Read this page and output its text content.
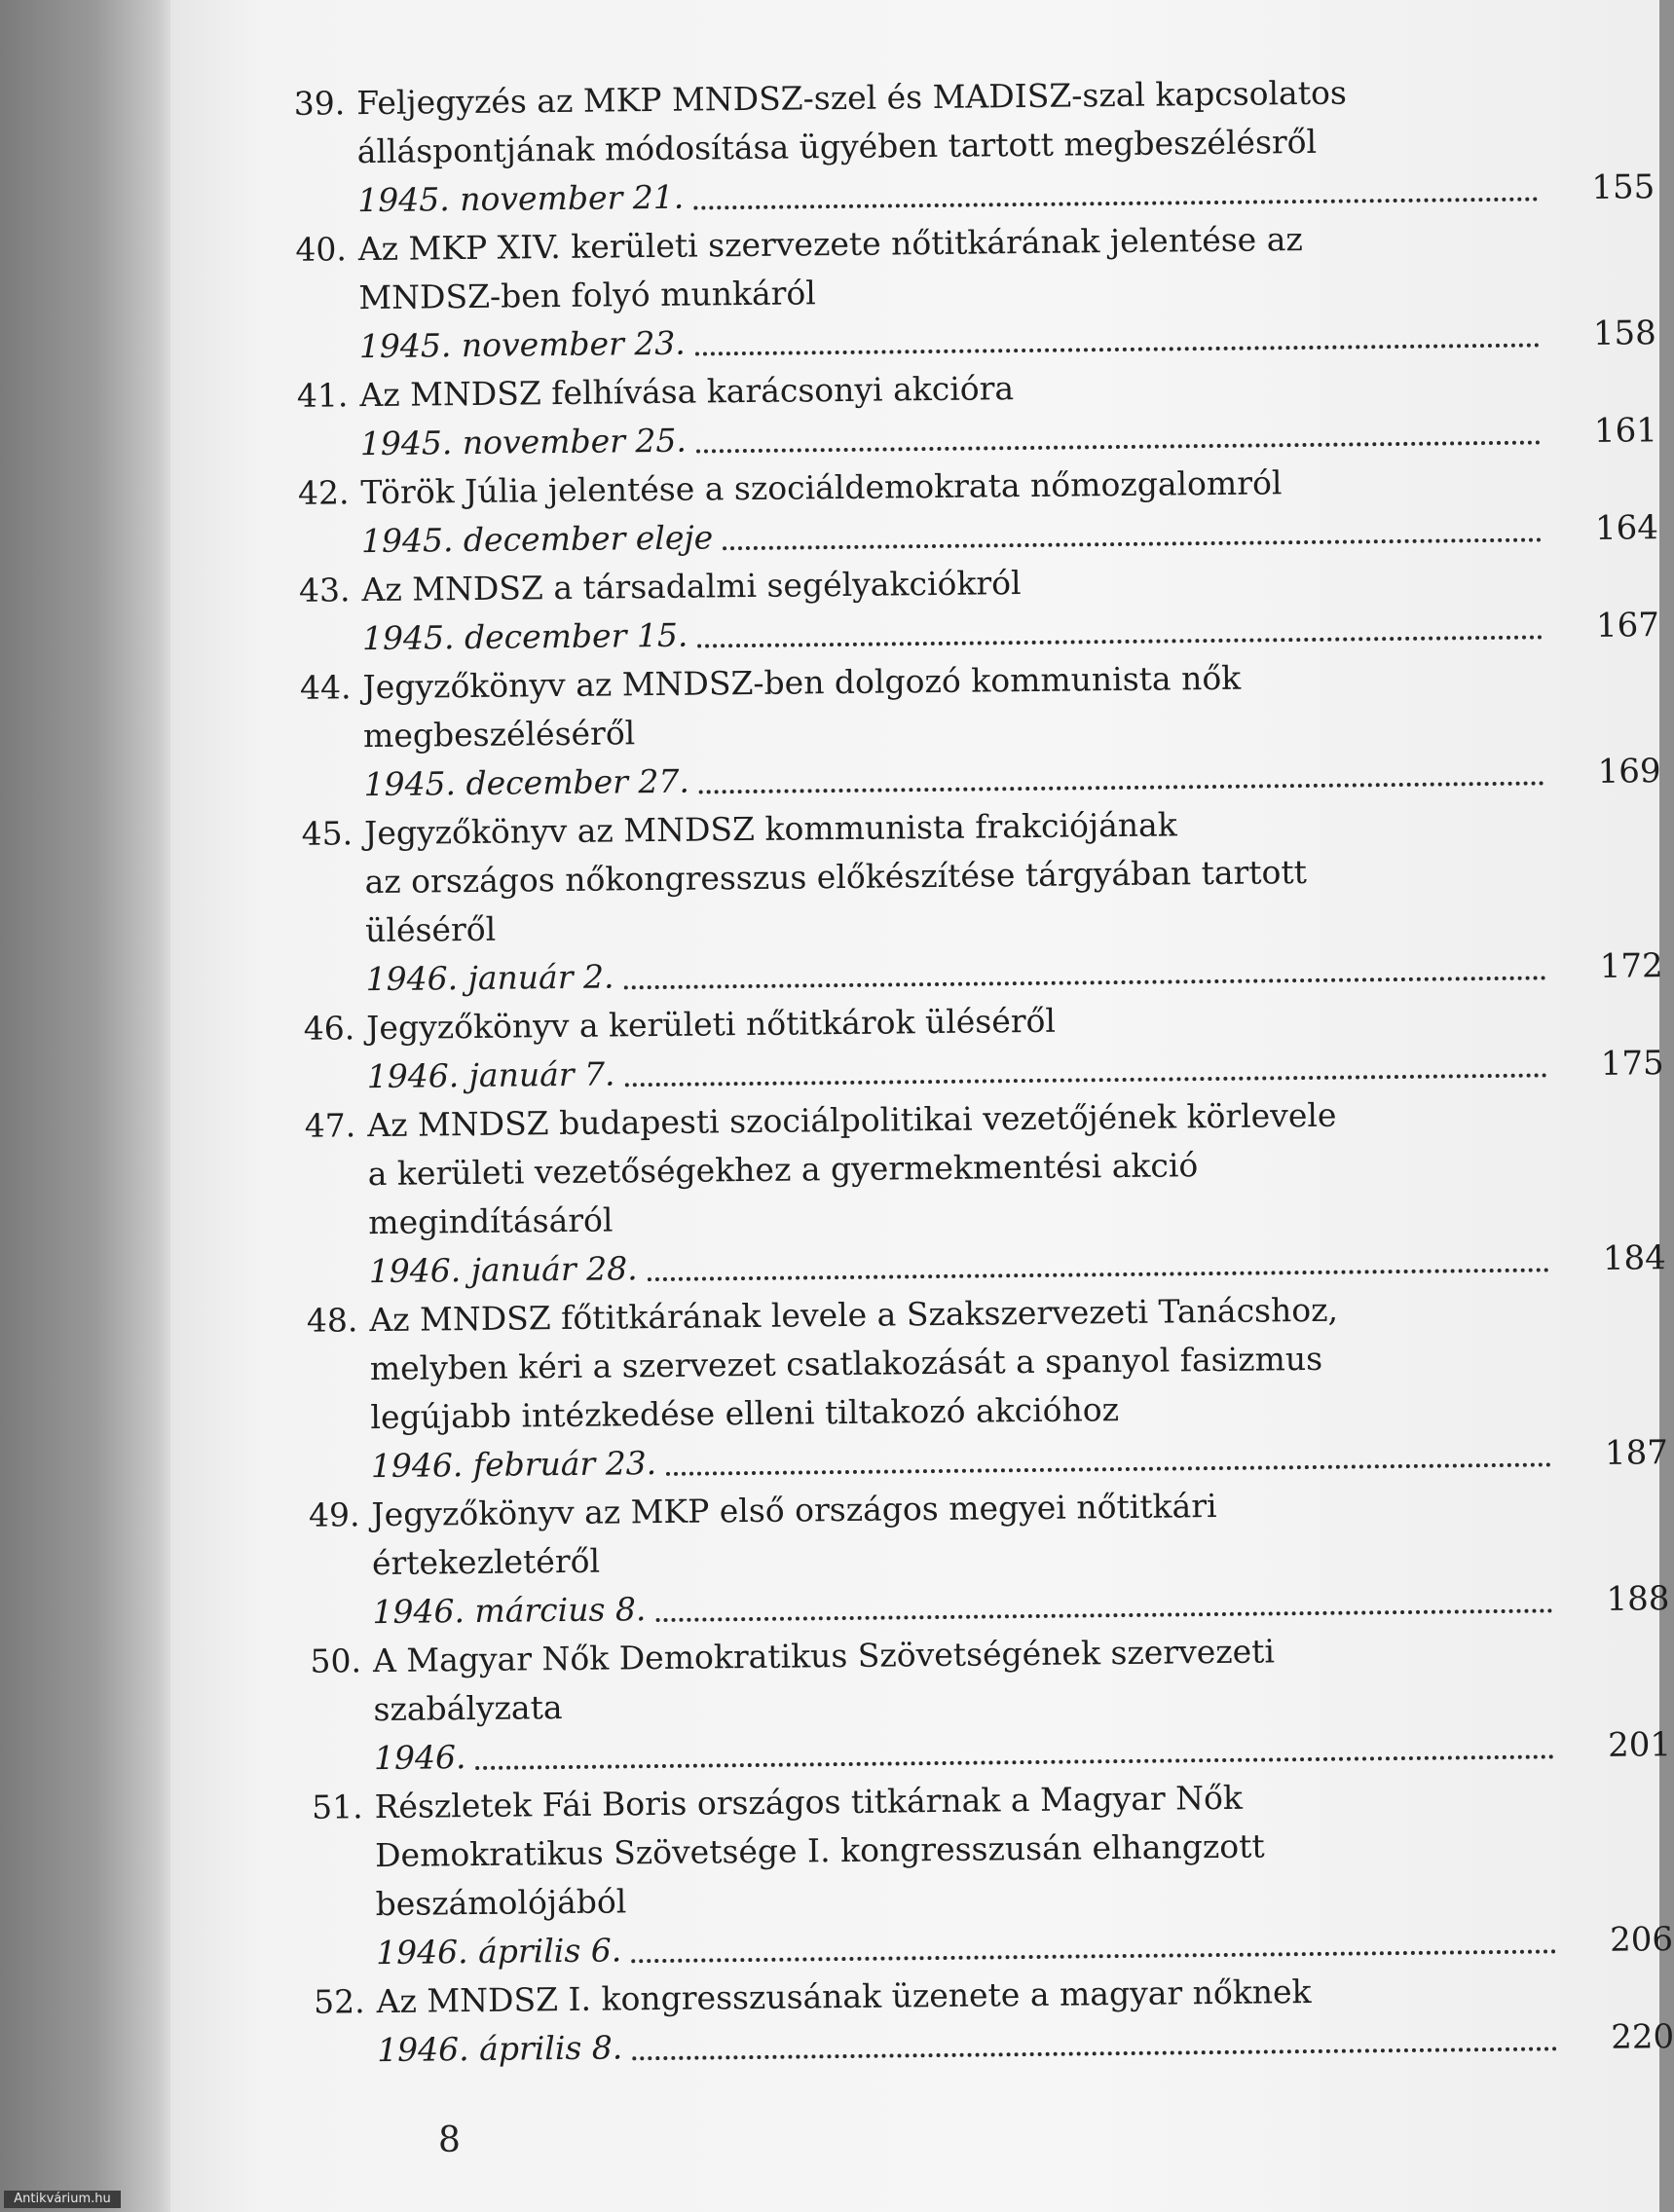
39. Feljegyzés az MKP MNDSZ-szel és MADISZ-szal kapcsolatos
álláspontjának módosítása ügyében tartott megbeszélésről
1945. november 21.	155
40. Az MKP XIV. kerületi szervezete nőtitkárának jelentése az
MNDSZ-ben folyó munkáról
1945. november 23.	158
41. Az MNDSZ felhívása karácsonyi akcióra
1945. november 25.	161
42. Török Júlia jelentése a szociáldemokrata nőmozgalomról
1945. december eleje	164
43. Az MNDSZ a társadalmi segélyakciókról
1945. december 15.	167
44. Jegyzőkönyv az MNDSZ-ben dolgozó kommunista nők
megbeszéléséről
1945. december 27.	169
45. Jegyzőkönyv az MNDSZ kommunista frakciójának
az országos nőkongresszus előkészítése tárgyában tartott
üléséről
1946. január 2.	172
46. Jegyzőkönyv a kerületi nőtitkárok üléséről
1946. január 7.	175
47. Az MNDSZ budapesti szociálpolitikai vezetőjének körlevele
a kerületi vezetőségekhez a gyermekmentési akció
megindításáról
1946. január 28.	184
48. Az MNDSZ főtitkárának levele a Szakszervezeti Tanácshoz,
melyben kéri a szervezet csatlakozását a spanyol fasizmus
legújabb intézkedése elleni tiltakozó akcióhoz
1946. február 23.	187
49. Jegyzőkönyv az MKP első országos megyei nőtitkári
értekezletéről
1946. március 8.	188
50. A Magyar Nők Demokratikus Szövetségének szervezeti
szabályzata
1946.	201
51. Részletek Fái Boris országos titkárnak a Magyar Nők
Demokratikus Szövetsége I. kongresszusán elhangzott
beszámolójából
1946. április 6.	206
52. Az MNDSZ I. kongresszusának üzenete a magyar nőknek
1946. április 8.	220
8
Antikvárium.hu
